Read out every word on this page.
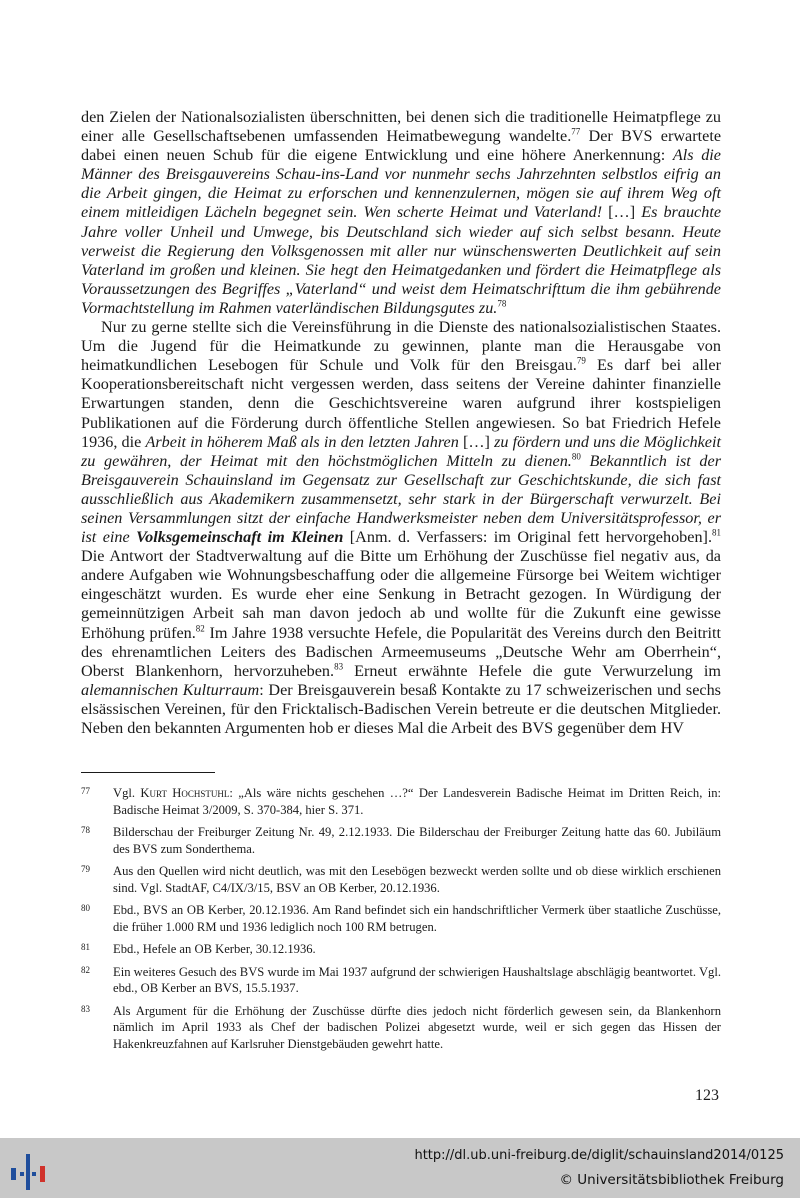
den Zielen der Nationalsozialisten überschnitten, bei denen sich die traditionelle Heimatpflege zu einer alle Gesellschaftsebenen umfassenden Heimatbewegung wandelte.$^{77}$ Der BVS erwartete dabei einen neuen Schub für die eigene Entwicklung und eine höhere Anerkennung: Als die Männer des Breisgauvereins Schau-ins-Land vor nunmehr sechs Jahrzehnten selbstlos eifrig an die Arbeit gingen, die Heimat zu erforschen und kennenzulernen, mögen sie auf ihrem Weg oft einem mitleidigen Lächeln begegnet sein. Wen scherte Heimat und Vaterland! […] Es brauchte Jahre voller Unheil und Umwege, bis Deutschland sich wieder auf sich selbst besann. Heute verweist die Regierung den Volksgenossen mit aller nur wünschenswerten Deutlichkeit auf sein Vaterland im großen und kleinen. Sie hegt den Heimatgedanken und fördert die Heimatpflege als Voraussetzungen des Begriffes „Vaterland“ und weist dem Heimatschrifttum die ihm gebührende Vormachtstellung im Rahmen vaterländischen Bildungsgutes zu.$^{78}$

Nur zu gerne stellte sich die Vereinsführung in die Dienste des nationalsozialistischen Staates. Um die Jugend für die Heimatkunde zu gewinnen, plante man die Herausgabe von heimatkundlichen Lesebogen für Schule und Volk für den Breisgau.$^{79}$ Es darf bei aller Kooperationsbereitschaft nicht vergessen werden, dass seitens der Vereine dahinter finanzielle Erwartungen standen, denn die Geschichtsvereine waren aufgrund ihrer kostspieligen Publikationen auf die Förderung durch öffentliche Stellen angewiesen. So bat Friedrich Hefele 1936, die Arbeit in höherem Maß als in den letzten Jahren […] zu fördern und uns die Möglichkeit zu gewähren, der Heimat mit den höchstmöglichen Mitteln zu dienen.$^{80}$ Bekanntlich ist der Breisgauverein Schauinsland im Gegensatz zur Gesellschaft zur Geschichtskunde, die sich fast ausschließlich aus Akademikern zusammensetzt, sehr stark in der Bürgerschaft verwurzelt. Bei seinen Versammlungen sitzt der einfache Handwerksmeister neben dem Universitätsprofessor, er ist eine Volksgemeinschaft im Kleinen [Anm. d. Verfassers: im Original fett hervorgehoben].$^{81}$ Die Antwort der Stadtverwaltung auf die Bitte um Erhöhung der Zuschüsse fiel negativ aus, da andere Aufgaben wie Wohnungsbeschaffung oder die allgemeine Fürsorge bei Weitem wichtiger eingeschätzt wurden. Es wurde eher eine Senkung in Betracht gezogen. In Würdigung der gemeinnützigen Arbeit sah man davon jedoch ab und wollte für die Zukunft eine gewisse Erhöhung prüfen.$^{82}$ Im Jahre 1938 versuchte Hefele, die Popularität des Vereins durch den Beitritt des ehrenamtlichen Leiters des Badischen Armeemuseums „Deutsche Wehr am Oberrhein“, Oberst Blankenhorn, hervorzuheben.$^{83}$ Erneut erwähnte Hefele die gute Verwurzelung im alemannischen Kulturraum: Der Breisgauverein besaß Kontakte zu 17 schweizerischen und sechs elsässischen Vereinen, für den Fricktalisch-Badischen Verein betreute er die deutschen Mitglieder. Neben den bekannten Argumenten hob er dieses Mal die Arbeit des BVS gegenüber dem HV

77	Vgl. Kurt Hochstuhl: „Als wäre nichts geschehen …?“ Der Landesverein Badische Heimat im Dritten Reich, in: Badische Heimat 3/2009, S. 370-384, hier S. 371.
78	Bilderschau der Freiburger Zeitung Nr. 49, 2.12.1933. Die Bilderschau der Freiburger Zeitung hatte das 60. Jubiläum des BVS zum Sonderthema.
79	Aus den Quellen wird nicht deutlich, was mit den Lesebögen bezweckt werden sollte und ob diese wirklich erschienen sind. Vgl. StadtAF, C4/IX/3/15, BSV an OB Kerber, 20.12.1936.
80	Ebd., BVS an OB Kerber, 20.12.1936. Am Rand befindet sich ein handschriftlicher Vermerk über staatliche Zuschüsse, die früher 1.000 RM und 1936 lediglich noch 100 RM betrugen.
81	Ebd., Hefele an OB Kerber, 30.12.1936.
82	Ein weiteres Gesuch des BVS wurde im Mai 1937 aufgrund der schwierigen Haushaltslage abschlägig beantwortet. Vgl. ebd., OB Kerber an BVS, 15.5.1937.
83	Als Argument für die Erhöhung der Zuschüsse dürfte dies jedoch nicht förderlich gewesen sein, da Blankenhorn nämlich im April 1933 als Chef der badischen Polizei abgesetzt wurde, weil er sich gegen das Hissen der Hakenkreuzfahnen auf Karlsruher Dienstgebäuden gewehrt hatte.
123
http://dl.ub.uni-freiburg.de/diglit/schauinsland2014/0125
© Universitätsbibliothek Freiburg
